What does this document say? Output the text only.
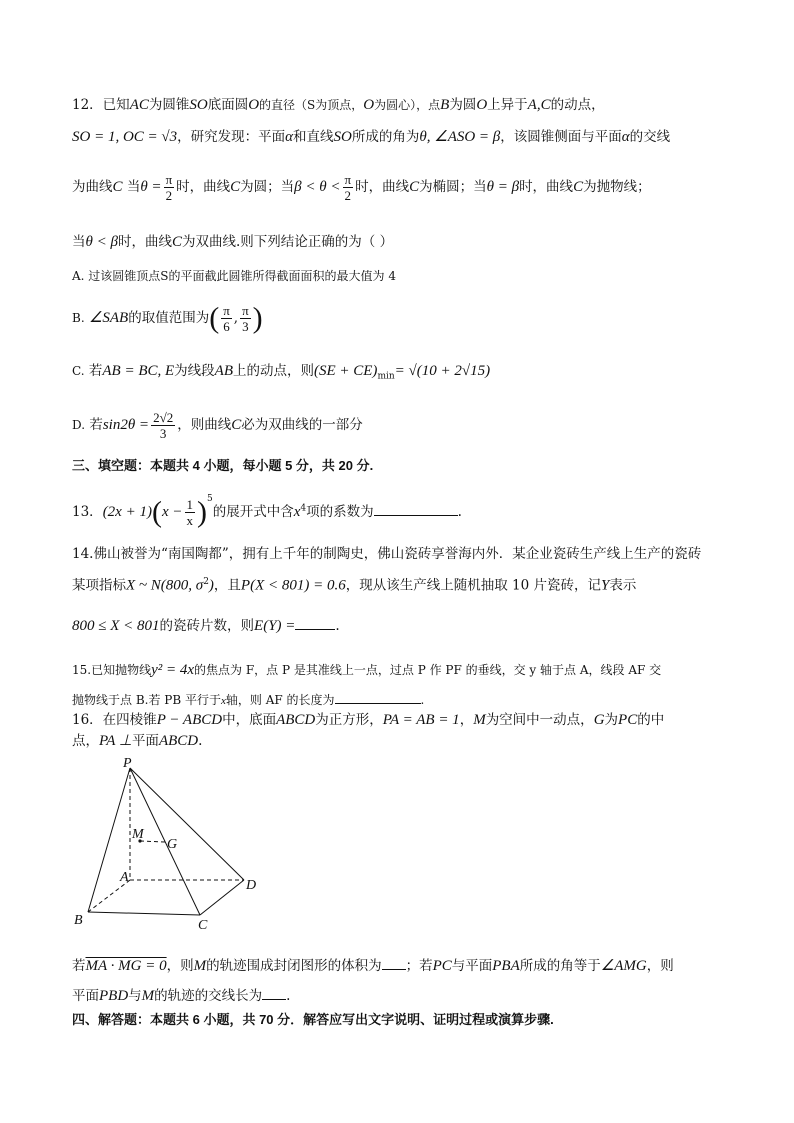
12．已知AC为圆锥SO底面圆O的直径（S为顶点，O为圆心），点B为圆O上异于A,C的动点，
SO = 1, OC = √3，研究发现：平面α和直线SO所成的角为θ, ∠ASO = β，该圆锥侧面与平面α的交线
为曲线C 当$\theta = \frac{\pi}{2}$ 时，曲线C为圆；当$\beta < \theta < \frac{\pi}{2}$ 时，曲线C为椭圆；当θ = β时，曲线C为抛物线；
当θ < β时，曲线C为双曲线.则下列结论正确的为（ ）
A. 过该圆锥顶点S的平面截此圆锥所得截面面积的最大值为 4
B. ∠SAB的取值范围为( $\frac{\pi}{6}$ , $\frac{\pi}{3}$ )
C. 若AB = BC, E为线段AB上的动点，则$(SE + CE)_{min}= √(10 + 2√15)$
D. 若$\sin 2\theta = \frac{2√2}{3}$ ，则曲线C必为双曲线的一部分
三、填空题：本题共 4 小题，每小题 5 分，共 20 分.
13．$(2x + 1)(x - \frac{1}{x} )^5$的展开式中含$x^4$项的系数为	.
14.佛山被誉为“南国陶都”，拥有上千年的制陶史，佛山瓷砖享誉海内外．某企业瓷砖生产线上生产的瓷砖
某项指标X ~ N(800, $\sigma^2$)，且P(X < 801) = 0.6，现从该生产线上随机抽取 10 片瓷砖，记Y表示
800 ≤ X < 801的瓷砖片数，则E(Y) =	.
15.已知抛物线y² = 4x的焦点为 F，点 P 是其准线上一点，过点 P 作 PF 的垂线，交 y 轴于点 A，线段 AF 交
抛物线于点 B.若 PB 平行于x轴，则 AF 的长度为	.
16．在四棱锥P − ABCD中，底面ABCD为正方形，PA = AB = 1，M为空间中一动点，G为PC的中
点，PA ⊥平面ABCD.
P
M
G
A
B	C
D
若MA · MG = 0，则M的轨迹围成封闭图形的体积为 ；若PC与平面PBA所成的角等于∠AMG，则
平面PBD与M的轨迹的交线长为 .
四、解答题：本题共 6 小题，共 70 分．解答应写出文字说明、证明过程或演算步骤.
